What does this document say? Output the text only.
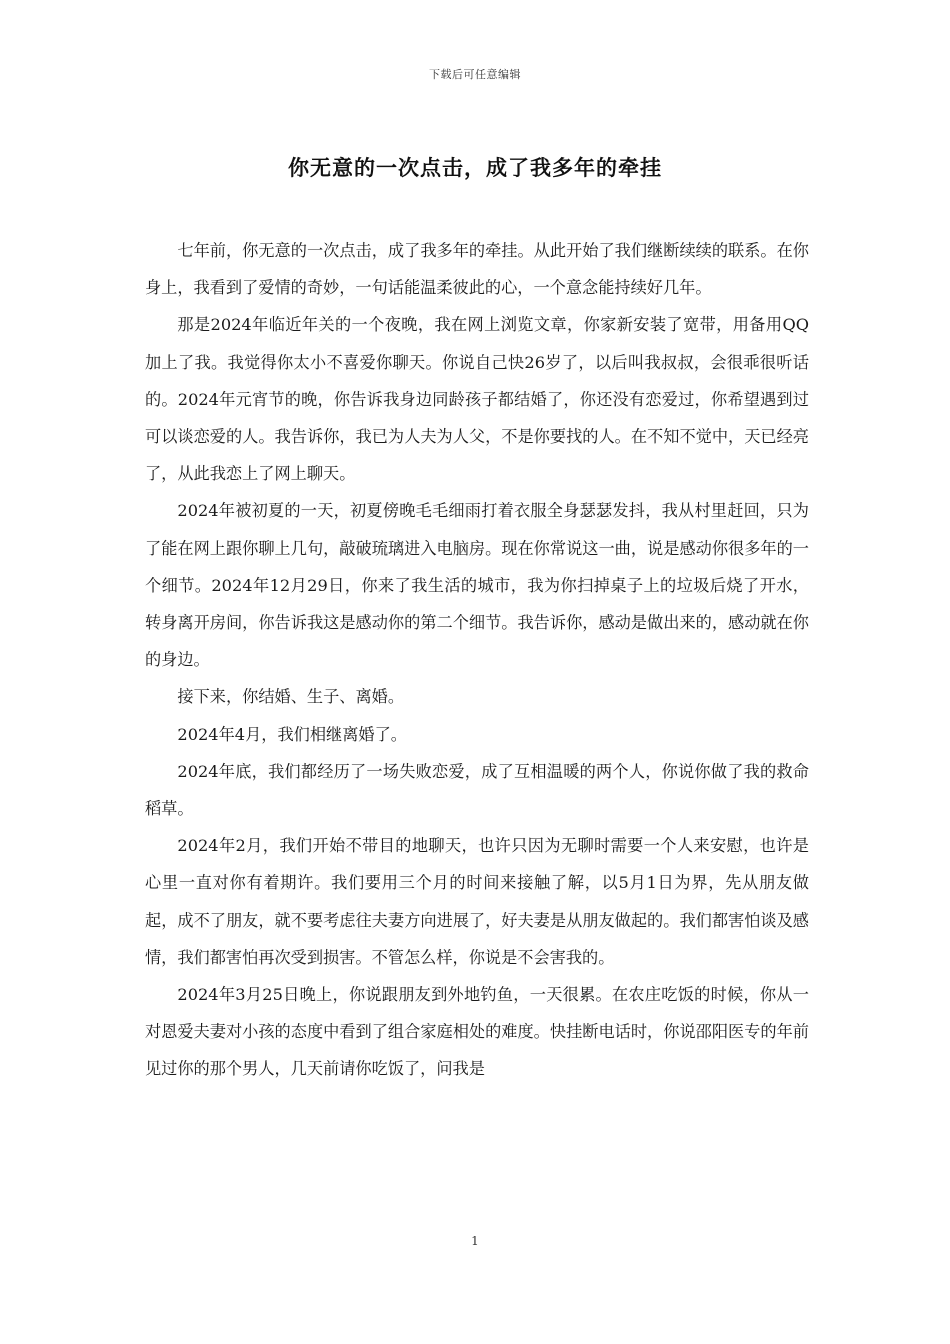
下载后可任意编辑
你无意的一次点击，成了我多年的牵挂

七年前，你无意的一次点击，成了我多年的牵挂。从此开始了我们继断续续的联系。在你身上，我看到了爱情的奇妙，一句话能温柔彼此的心，一个意念能持续好几年。

那是2024年临近年关的一个夜晚，我在网上浏览文章，你家新安装了宽带，用备用QQ加上了我。我觉得你太小不喜爱你聊天。你说自己快26岁了，以后叫我叔叔，会很乖很听话的。2024年元宵节的晚，你告诉我身边同龄孩子都结婚了，你还没有恋爱过，你希望遇到过可以谈恋爱的人。我告诉你，我已为人夫为人父，不是你要找的人。在不知不觉中，天已经亮了，从此我恋上了网上聊天。

2024年被初夏的一天，初夏傍晚毛毛细雨打着衣服全身瑟瑟发抖，我从村里赶回，只为了能在网上跟你聊上几句，敲破琉璃进入电脑房。现在你常说这一曲，说是感动你很多年的一个细节。2024年12月29日，你来了我生活的城市，我为你扫掉桌子上的垃圾后烧了开水，转身离开房间，你告诉我这是感动你的第二个细节。我告诉你，感动是做出来的，感动就在你的身边。

接下来，你结婚、生子、离婚。

2024年4月，我们相继离婚了。

2024年底，我们都经历了一场失败恋爱，成了互相温暖的两个人，你说你做了我的救命稻草。

2024年2月，我们开始不带目的地聊天，也许只因为无聊时需要一个人来安慰，也许是心里一直对你有着期许。我们要用三个月的时间来接触了解，以5月1日为界，先从朋友做起，成不了朋友，就不要考虑往夫妻方向进展了，好夫妻是从朋友做起的。我们都害怕谈及感情，我们都害怕再次受到损害。不管怎么样，你说是不会害我的。

2024年3月25日晚上，你说跟朋友到外地钓鱼，一天很累。在农庄吃饭的时候，你从一对恩爱夫妻对小孩的态度中看到了组合家庭相处的难度。快挂断电话时，你说邵阳医专的年前见过你的那个男人，几天前请你吃饭了，问我是

1
